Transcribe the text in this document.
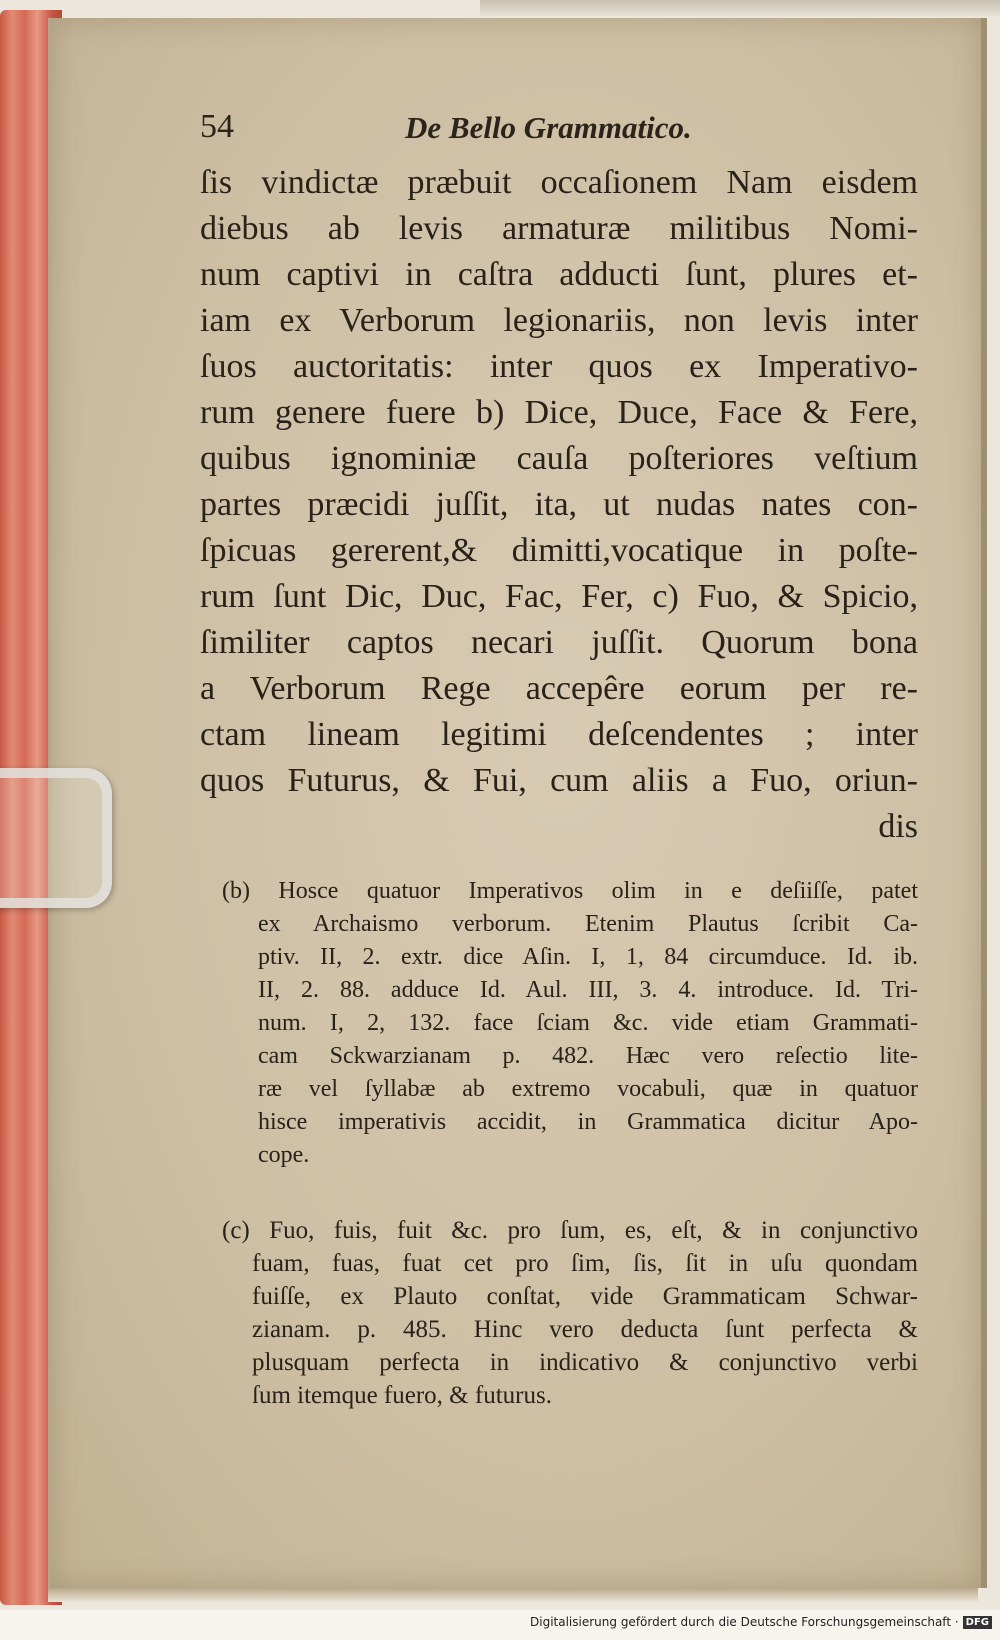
54	De Bello Grammatico.
ſis vindictæ præbuit occaſionem Nam eisdem
diebus ab levis armaturæ militibus Nomi-
num captivi in caſtra adducti ſunt, plures et-
iam ex Verborum legionariis, non levis inter
ſuos auctoritatis: inter quos ex Imperativo-
rum genere fuere b) Dice, Duce, Face & Fere,
quibus ignominiæ cauſa poſteriores veſtium
partes præcidi juſſit, ita, ut nudas nates con-
ſpicuas gererent,& dimitti,vocatique in poſte-
rum ſunt Dic, Duc, Fac, Fer, c) Fuo, & Spicio,
ſimiliter captos necari juſſit. Quorum bona
a Verborum Rege accepêre eorum per re-
ctam lineam legitimi deſcendentes ; inter
quos Futurus, & Fui, cum aliis a Fuo, oriun-
dis
(b) Hosce quatuor Imperativos olim in e deſiiſſe, patet
ex Archaismo verborum. Etenim Plautus ſcribit Ca-
ptiv. II, 2. extr. dice Aſin. I, 1, 84 circumduce. Id. ib.
II, 2. 88. adduce Id. Aul. III, 3. 4. introduce. Id. Tri-
num. I, 2, 132. face ſciam &c. vide etiam Grammati-
cam Sckwarzianam p. 482. Hæc vero reſectio lite-
ræ vel ſyllabæ ab extremo vocabuli, quæ in quatuor
hisce imperativis accidit, in Grammatica dicitur Apo-
cope.
(c) Fuo, fuis, fuit &c. pro ſum, es, eſt, & in conjunctivo
fuam, fuas, fuat cet pro ſim, ſis, ſit in uſu quondam
fuiſſe, ex Plauto conſtat, vide Grammaticam Schwar-
zianam. p. 485. Hinc vero deducta ſunt perfecta &
plusquam perfecta in indicativo & conjunctivo verbi
ſum itemque fuero, & futurus.
Digitalisierung gefördert durch die Deutsche Forschungsgemeinschaft · DFG
